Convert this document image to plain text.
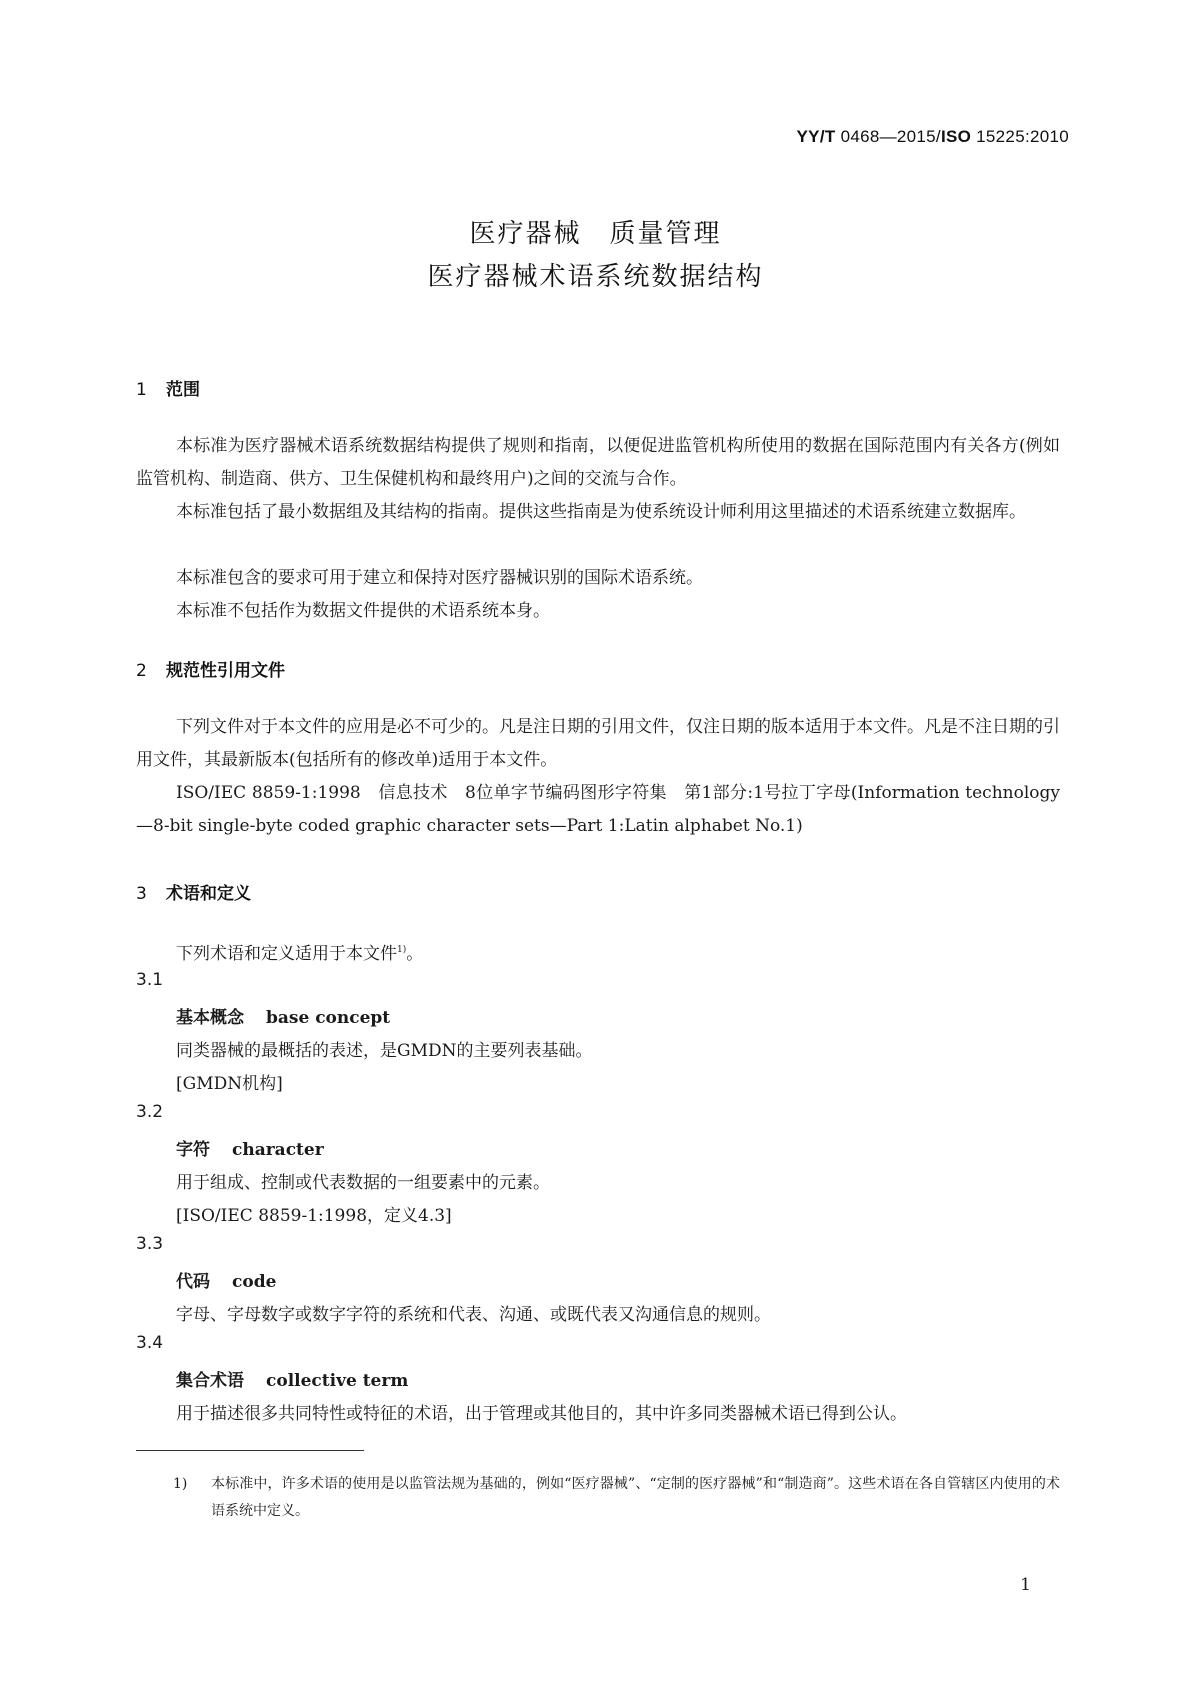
YY/T 0468—2015/ISO 15225:2010
医疗器械　质量管理
医疗器械术语系统数据结构
1 范围
本标准为医疗器械术语系统数据结构提供了规则和指南，以便促进监管机构所使用的数据在国际范围内有关各方(例如监管机构、制造商、供方、卫生保健机构和最终用户)之间的交流与合作。
本标准包括了最小数据组及其结构的指南。提供这些指南是为使系统设计师利用这里描述的术语系统建立数据库。
本标准包含的要求可用于建立和保持对医疗器械识别的国际术语系统。
本标准不包括作为数据文件提供的术语系统本身。
2 规范性引用文件
下列文件对于本文件的应用是必不可少的。凡是注日期的引用文件，仅注日期的版本适用于本文件。凡是不注日期的引用文件，其最新版本(包括所有的修改单)适用于本文件。
ISO/IEC 8859-1:1998　信息技术　8位单字节编码图形字符集　第1部分:1号拉丁字母(Information technology—8-bit single-byte coded graphic character sets—Part 1:Latin alphabet No.1)
3 术语和定义
下列术语和定义适用于本文件$^{1)}$。
3.1
基本概念 base concept
同类器械的最概括的表述，是GMDN的主要列表基础。
[GMDN机构]
3.2
字符 character
用于组成、控制或代表数据的一组要素中的元素。
[ISO/IEC 8859-1:1998，定义4.3]
3.3
代码 code
字母、字母数字或数字字符的系统和代表、沟通、或既代表又沟通信息的规则。
3.4
集合术语 collective term
用于描述很多共同特性或特征的术语，出于管理或其他目的，其中许多同类器械术语已得到公认。
1) 本标准中，许多术语的使用是以监管法规为基础的，例如“医疗器械”、“定制的医疗器械”和“制造商”。这些术语在各自管辖区内使用的术语系统中定义。
1
